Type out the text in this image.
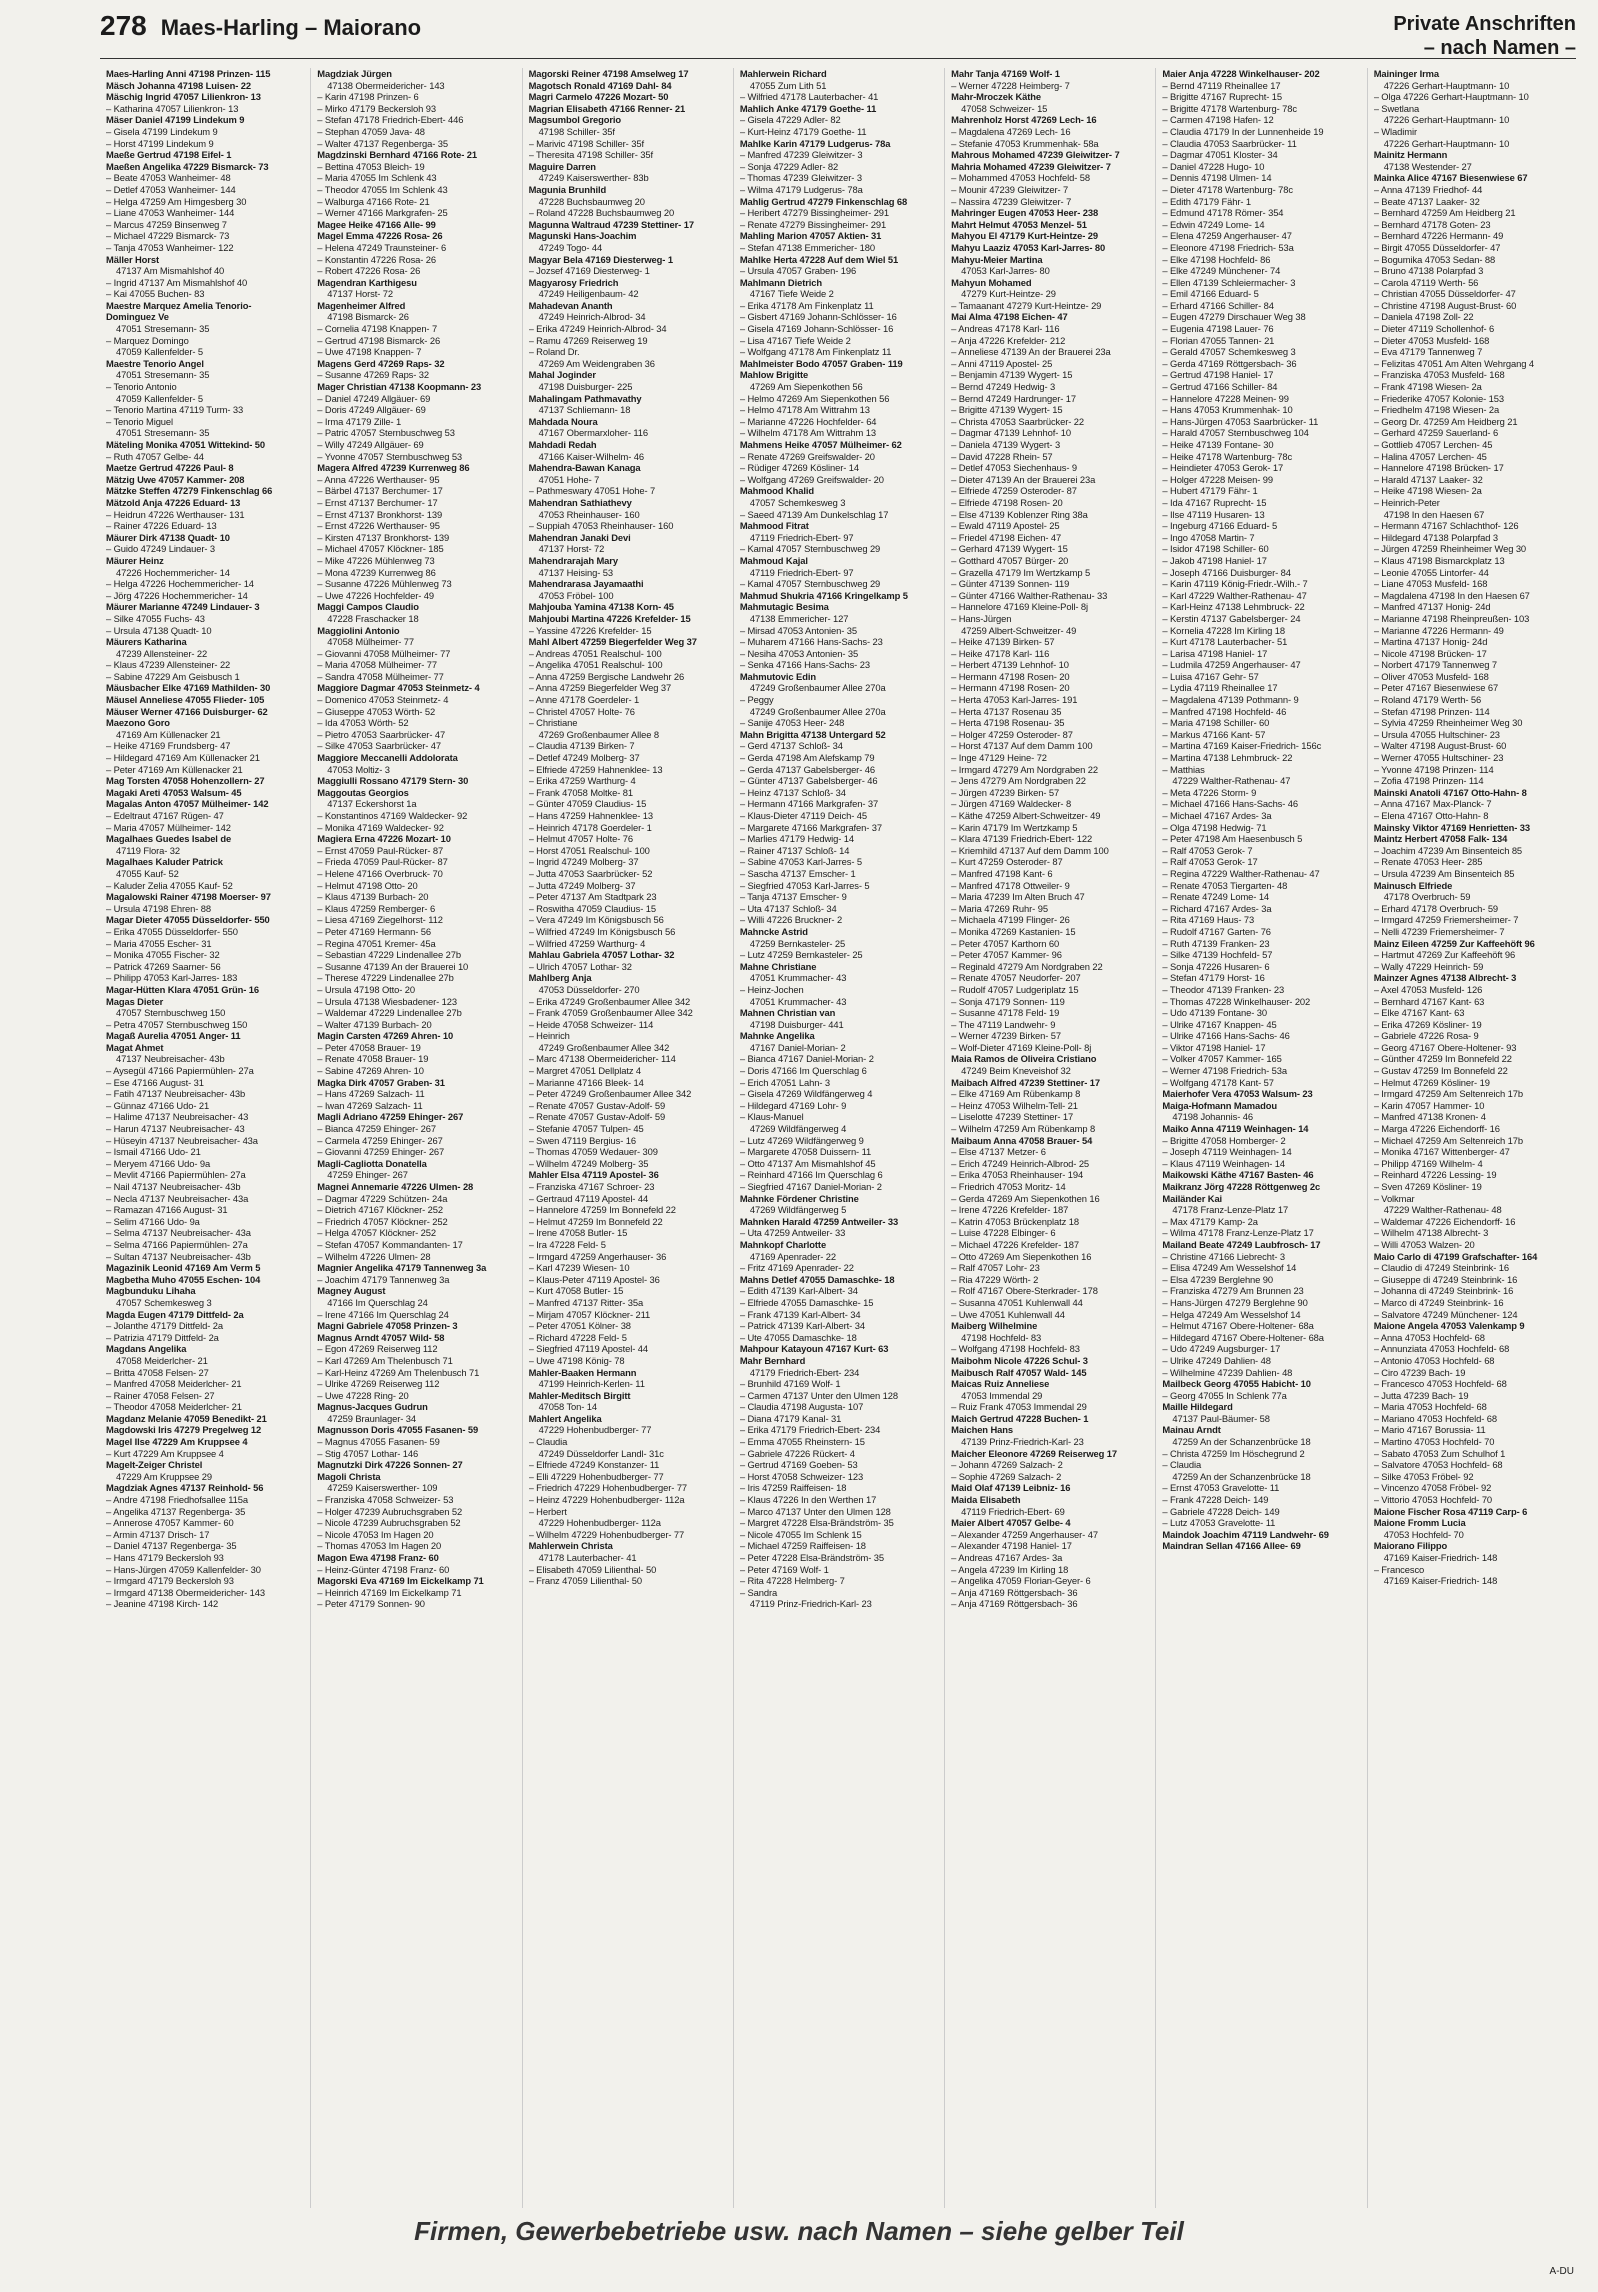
278 Maes-Harling – Maiorano	Private Anschriften
– nach Namen –
Maes-Harling Anni 47198 Prinzen- 115
Mäsch Johanna 47198 Luisen- 22
Mäschig Ingrid 47057 Lilienkron- 13
– Katharina 47057 Lilienkron- 13
Mäser Daniel 47199 Lindekum 9
– Gisela 47199 Lindekum 9
– Horst 47199 Lindekum 9
Maeße Gertrud 47198 Eifel- 1
Maeßen Angelika 47229 Bismarck- 73
– Beate 47053 Wanheimer- 48
– Detlef 47053 Wanheimer- 144
– Helga 47259 Am Himgesberg 30
– Liane 47053 Wanheimer- 144
– Marcus 47259 Binsenweg 7
– Michael 47229 Bismarck- 73
– Tanja 47053 Wanheimer- 122
Mäller Horst
47137 Am Mismahlshof 40
– Ingrid 47137 Am Mismahlshof 40
– Kai 47055 Buchen- 83
Maestre Marquez Amelia Tenorio-
Dominguez Ve
47051 Stresemann- 35
– Marquez Domingo
47059 Kallenfelder- 5
Maestre Tenorio Angel
47051 Stresemann- 35
– Tenorio Antonio
47059 Kallenfelder- 5
– Tenorio Martina 47119 Turm- 33
– Tenorio Miguel
47051 Stresemann- 35
Mäteling Monika 47051 Wittekind- 50
– Ruth 47057 Gelbe- 44
Maetze Gertrud 47226 Paul- 8
Mätzig Uwe 47057 Kammer- 208
Mätzke Steffen 47279 Finkenschlag 66
Mätzold Anja 47226 Eduard- 13
– Heidrun 47226 Werthauser- 131
– Rainer 47226 Eduard- 13
Mäurer Dirk 47138 Quadt- 10
– Guido 47249 Lindauer- 3
Mäurer Heinz
47226 Hochemmericher- 14
– Helga 47226 Hochemmericher- 14
– Jörg 47226 Hochemmericher- 14
Mäurer Marianne 47249 Lindauer- 3
– Silke 47055 Fuchs- 43
– Ursula 47138 Quadt- 10
Mäurers Katharina
47239 Allensteiner- 22
– Klaus 47239 Allensteiner- 22
– Sabine 47229 Am Geisbusch 1
Mäusbacher Elke 47169 Mathilden- 30
Mäusel Anneliese 47055 Flieder- 105
Mäuser Werner 47166 Duisburger- 62
Maezono Goro
47169 Am Küllenacker 21
– Heike 47169 Frundsberg- 47
– Hildegard 47169 Am Küllenacker 21
– Peter 47169 Am Küllenacker 21
Mag Torsten 47058 Hohenzollern- 27
Magaki Areti 47053 Walsum- 45
Magalas Anton 47057 Mülheimer- 142
– Edeltraut 47167 Rügen- 47
– Maria 47057 Mülheimer- 142
Magalhaes Guedes Isabel de
47119 Flora- 32
Magalhaes Kaluder Patrick
47055 Kauf- 52
– Kaluder Zelia 47055 Kauf- 52
Magalowski Rainer 47198 Moerser- 97
– Ursula 47198 Ehren- 88
Magar Dieter 47055 Düsseldorfer- 550
– Erika 47055 Düsseldorfer- 550
– Maria 47055 Escher- 31
– Monika 47055 Fischer- 32
– Patrick 47269 Saarner- 56
– Philipp 47053 Karl-Jarres- 183
Magar-Hütten Klara 47051 Grün- 16
Magas Dieter
47057 Sternbuschweg 150
– Petra 47057 Sternbuschweg 150
Magaß Aurelia 47051 Anger- 11
Magat Ahmet
47137 Neubreisacher- 43b
– Aysegül 47166 Papiermühlen- 27a
– Ese 47166 August- 31
– Fatih 47137 Neubreisacher- 43b
– Günnaz 47166 Udo- 21
– Halime 47137 Neubreisacher- 43
– Harun 47137 Neubreisacher- 43
– Hüseyin 47137 Neubreisacher- 43a
– Ismail 47166 Udo- 21
– Meryem 47166 Udo- 9a
– Mevlit 47166 Papiermühlen- 27a
– Nail 47137 Neubreisacher- 43b
– Necla 47137 Neubreisacher- 43a
– Ramazan 47166 August- 31
– Selim 47166 Udo- 9a
– Selma 47137 Neubreisacher- 43a
– Selma 47166 Papiermühlen- 27a
– Sultan 47137 Neubreisacher- 43b
Magazinik Leonid 47169 Am Verm 5
Magbetha Muho 47055 Eschen- 104
Magbunduku Lihaha
47057 Schemkesweg 3
Magda Eugen 47179 Dittfeld- 2a
– Jolanthe 47179 Dittfeld- 2a
– Patrizia 47179 Dittfeld- 2a
Magdans Angelika
47058 Meiderlcher- 21
– Britta 47058 Felsen- 27
– Manfred 47058 Meiderlcher- 21
– Rainer 47058 Felsen- 27
– Theodor 47058 Meiderlcher- 21
Magdanz Melanie 47059 Benedikt- 21
Magdowski Iris 47279 Pregelweg 12
Magel Ilse 47229 Am Kruppsee 4
– Kurt 47229 Am Kruppsee 4
Magelt-Zeiger Christel
47229 Am Kruppsee 29
Magdziak Agnes 47137 Reinhold- 56
– Andre 47198 Friedhofsallee 115a
– Angelika 47137 Regenberga- 35
– Annerose 47057 Kammer- 60
– Armin 47137 Drisch- 17
– Daniel 47137 Regenberga- 35
– Hans 47179 Beckersloh 93
– Hans-Jürgen 47059 Kallenfelder- 30
– Irmgard 47179 Beckersloh 93
– Irmgard 47138 Obermeidericher- 143
– Jeanine 47198 Kirch- 142
Magdziak Jürgen
47138 Obermeidericher- 143
– Karin 47198 Prinzen- 6
– Mirko 47179 Beckersloh 93
– Stefan 47178 Friedrich-Ebert- 446
– Stephan 47059 Java- 48
– Walter 47137 Regenberga- 35
Magdzinski Bernhard 47166 Rote- 21
– Bettina 47053 Bleich- 19
– Maria 47055 Im Schlenk 43
– Theodor 47055 Im Schlenk 43
– Walburga 47166 Rote- 21
– Werner 47166 Markgrafen- 25
Magee Heike 47166 Alle- 99
Magel Emma 47226 Rosa- 26
– Helena 47249 Traunsteiner- 6
– Konstantin 47226 Rosa- 26
– Robert 47226 Rosa- 26
Magendran Karthigesu
47137 Horst- 72
Magenheimer Alfred
47198 Bismarck- 26
– Cornelia 47198 Knappen- 7
– Gertrud 47198 Bismarck- 26
– Uwe 47198 Knappen- 7
Magens Gerd 47269 Raps- 32
– Susanne 47269 Raps- 32
Mager Christian 47138 Koopmann- 23
– Daniel 47249 Allgäuer- 69
– Doris 47249 Allgäuer- 69
– Irma 47179 Zille- 1
– Patric 47057 Sternbuschweg 53
– Willy 47249 Allgäuer- 69
– Yvonne 47057 Sternbuschweg 53
Magera Alfred 47239 Kurrenweg 86
– Anna 47226 Werthauser- 95
– Bärbel 47137 Berchumer- 17
– Ernst 47137 Berchumer- 17
– Ernst 47137 Bronkhorst- 139
– Ernst 47226 Werthauser- 95
– Kirsten 47137 Bronkhorst- 139
– Michael 47057 Klöckner- 185
– Mike 47226 Mühlenweg 73
– Mona 47239 Kurrenweg 86
– Susanne 47226 Mühlenweg 73
– Uwe 47226 Hochfelder- 49
Maggi Campos Claudio
47228 Fraschacker 18
Maggiolini Antonio
47058 Mülheimer- 77
– Giovanni 47058 Mülheimer- 77
– Maria 47058 Mülheimer- 77
– Sandra 47058 Mülheimer- 77
Maggiore Dagmar 47053 Steinmetz- 4
– Domenico 47053 Steinmetz- 4
– Giuseppe 47053 Wörth- 52
– Ida 47053 Wörth- 52
– Pietro 47053 Saarbrücker- 47
– Silke 47053 Saarbrücker- 47
Maggiore Meccanelli Addolorata
47053 Moltiz- 3
Maggiulli Rossano 47179 Stern- 30
Maggoutas Georgios
47137 Eckershorst 1a
– Konstantinos 47169 Waldecker- 92
– Monika 47169 Waldecker- 92
Magiera Erna 47226 Mozart- 10
– Ernst 47059 Paul-Rücker- 87
– Frieda 47059 Paul-Rücker- 87
– Helene 47166 Overbruck- 70
– Helmut 47198 Otto- 20
– Klaus 47139 Burbach- 20
– Klaus 47259 Remberger- 6
– Liesa 47169 Ziegelhorst- 112
– Peter 47169 Hermann- 56
– Regina 47051 Kremer- 45a
– Sebastian 47229 Lindenallee 27b
– Susanne 47139 An der Brauerei 10
– Therese 47229 Lindenallee 27b
– Ursula 47198 Otto- 20
– Ursula 47138 Wiesbadener- 123
– Waldemar 47229 Lindenallee 27b
– Walter 47139 Burbach- 20
Magin Carsten 47269 Ahren- 10
– Peter 47058 Brauer- 19
– Renate 47058 Brauer- 19
– Sabine 47269 Ahren- 10
Magka Dirk 47057 Graben- 31
– Hans 47269 Salzach- 11
– Iwan 47269 Salzach- 11
Magli Adriano 47259 Ehinger- 267
– Bianca 47259 Ehinger- 267
– Carmela 47259 Ehinger- 267
– Giovanni 47259 Ehinger- 267
Magli-Cagliotta Donatella
47259 Ehinger- 267
Magnei Annemarie 47226 Ulmen- 28
– Dagmar 47229 Schützen- 24a
– Dietrich 47167 Klöckner- 252
– Friedrich 47057 Klöckner- 252
– Helga 47057 Klöckner- 252
– Stefan 47057 Kommandanten- 17
– Wilhelm 47226 Ulmen- 28
Magnier Angelika 47179 Tannenweg 3a
– Joachim 47179 Tannenweg 3a
Magney August
47166 Im Querschlag 24
– Irene 47166 Im Querschlag 24
Magni Gabriele 47058 Prinzen- 3
Magnus Arndt 47057 Wild- 58
– Egon 47269 Reiserweg 112
– Karl 47269 Am Thelenbusch 71
– Karl-Heinz 47269 Am Thelenbusch 71
– Ulrike 47269 Reiserweg 112
– Uwe 47228 Ring- 20
Magnus-Jacques Gudrun
47259 Braunlager- 34
Magnusson Doris 47055 Fasanen- 59
– Magnus 47055 Fasanen- 59
– Stig 47057 Lothar- 146
Magnutzki Dirk 47226 Sonnen- 27
Magoli Christa
47259 Kaiserswerther- 109
– Franziska 47058 Schweizer- 53
– Holger 47239 Aubruchsgraben 52
– Nicole 47239 Aubruchsgraben 52
– Nicole 47053 Im Hagen 20
– Thomas 47053 Im Hagen 20
Magon Ewa 47198 Franz- 60
– Heinz-Günter 47198 Franz- 60
Magorski Eva 47169 Im Eickelkamp 71
– Heinrich 47169 Im Eickelkamp 71
– Peter 47179 Sonnen- 90
Magorski Reiner 47198 Amselweg 17
Magotsch Ronald 47169 Dahl- 84
Magri Carmelo 47226 Mozart- 50
Magrian Elisabeth 47166 Renner- 21
Magsumbol Gregorio
47198 Schiller- 35f
– Marivic 47198 Schiller- 35f
– Theresita 47198 Schiller- 35f
Maguire Darren
47249 Kaiserswerther- 83b
Magunia Brunhild
47228 Buchsbaumweg 20
– Roland 47228 Buchsbaumweg 20
Magunna Waltraud 47239 Stettiner- 17
Magunski Hans-Joachim
47249 Togo- 44
Magyar Bela 47169 Diesterweg- 1
– Jozsef 47169 Diesterweg- 1
Magyarosy Friedrich
47249 Heiligenbaum- 42
Mahadevan Ananth
47249 Heinrich-Albrod- 34
– Erika 47249 Heinrich-Albrod- 34
– Ramu 47269 Reiserweg 19
– Roland Dr.
47269 Am Weidengraben 36
Mahal Joginder
47198 Duisburger- 225
Mahalingam Pathmavathy
47137 Schliemann- 18
Mahdada Noura
47167 Obermarxloher- 116
Mahdadi Redah
47166 Kaiser-Wilhelm- 46
Mahendra-Bawan Kanaga
47051 Hohe- 7
– Pathmeswary 47051 Hohe- 7
Mahendran Sathiathevy
47053 Rheinhauser- 160
– Suppiah 47053 Rheinhauser- 160
Mahendran Janaki Devi
47137 Horst- 72
Mahendrarajah Mary
47137 Heising- 53
Mahendrarasa Jayamaathi
47053 Fröbel- 100
Mahjouba Yamina 47138 Korn- 45
Mahjoubi Martina 47226 Krefelder- 15
– Yassine 47226 Krefelder- 15
Mahl Albert 47259 Biegerfelder Weg 37
– Andreas 47051 Realschul- 100
– Angelika 47051 Realschul- 100
– Anna 47259 Bergische Landwehr 26
– Anna 47259 Biegerfelder Weg 37
– Anne 47178 Goerdeler- 1
– Christel 47057 Holte- 76
– Christiane
47269 Großenbaumer Allee 8
– Claudia 47139 Birken- 7
– Detlef 47249 Molberg- 37
– Elfriede 47259 Hahnenklee- 13
– Erika 47259 Warthurg- 4
– Frank 47058 Moltke- 81
– Günter 47059 Claudius- 15
– Hans 47259 Hahnenklee- 13
– Heinrich 47178 Goerdeler- 1
– Helmut 47057 Holte- 76
– Horst 47051 Realschul- 100
– Ingrid 47249 Molberg- 37
– Jutta 47053 Saarbrücker- 52
– Jutta 47249 Molberg- 37
– Peter 47137 Am Stadtpark 23
– Roswitha 47059 Claudius- 15
– Vera 47249 Im Königsbusch 56
– Wilfried 47249 Im Königsbusch 56
– Wilfried 47259 Warthurg- 4
Mahlau Gabriela 47057 Lothar- 32
– Ulrich 47057 Lothar- 32
Mahlberg Anja
47053 Düsseldorfer- 270
– Erika 47249 Großenbaumer Allee 342
– Frank 47059 Großenbaumer Allee 342
– Heide 47058 Schweizer- 114
– Heinrich
47249 Großenbaumer Allee 342
– Marc 47138 Obermeidericher- 114
– Margret 47051 Dellplatz 4
– Marianne 47166 Bleek- 14
– Peter 47249 Großenbaumer Allee 342
– Renate 47057 Gustav-Adolf- 59
– Renate 47057 Gustav-Adolf- 59
– Stefanie 47057 Tulpen- 45
– Swen 47119 Bergius- 16
– Thomas 47059 Wedauer- 309
– Wilhelm 47249 Molberg- 35
Mahler Elsa 47119 Apostel- 36
– Franziska 47167 Schroer- 23
– Gertraud 47119 Apostel- 44
– Hannelore 47259 Im Bonnefeld 22
– Helmut 47259 Im Bonnefeld 22
– Irene 47058 Butler- 15
– Ira 47228 Feld- 5
– Irmgard 47259 Angerhauser- 36
– Karl 47239 Wiesen- 10
– Klaus-Peter 47119 Apostel- 36
– Kurt 47058 Butler- 15
– Manfred 47137 Ritter- 35a
– Mirjam 47057 Klöckner- 211
– Peter 47051 Kölner- 38
– Richard 47228 Feld- 5
– Siegfried 47119 Apostel- 44
– Uwe 47198 König- 78
Mahler-Baaken Hermann
47199 Heinrich-Kerlen- 11
Mahler-Meditsch Birgitt
47058 Ton- 14
Mahlert Angelika
47229 Hohenbudberger- 77
– Claudia
47249 Düsseldorfer Landl- 31c
– Elfriede 47249 Konstanzer- 11
– Elli 47229 Hohenbudberger- 77
– Friedrich 47229 Hohenbudberger- 77
– Heinz 47229 Hohenbudberger- 112a
– Herbert
47229 Hohenbudberger- 112a
– Wilhelm 47229 Hohenbudberger- 77
Mahlerwein Christa
47178 Lauterbacher- 41
– Elisabeth 47059 Lilienthal- 50
– Franz 47059 Lilienthal- 50
Mahlerwein Richard
47055 Zum Lith 51
– Wilfried 47178 Lauterbacher- 41
Mahlich Anke 47179 Goethe- 11
– Gisela 47229 Adler- 82
– Kurt-Heinz 47179 Goethe- 11
Mahlke Karin 47179 Ludgerus- 78a
– Manfred 47239 Gleiwitzer- 3
– Sonja 47229 Adler- 82
– Thomas 47239 Gleiwitzer- 3
– Wilma 47179 Ludgerus- 78a
Mahlig Gertrud 47279 Finkenschlag 68
– Heribert 47279 Bissingheimer- 291
– Renate 47279 Bissingheimer- 291
Mahling Marion 47057 Aktien- 31
– Stefan 47138 Emmericher- 180
Mahlke Herta 47228 Auf dem Wiel 51
– Ursula 47057 Graben- 196
Mahlmann Dietrich
47167 Tiefe Weide 2
– Erika 47178 Am Finkenplatz 11
– Gisbert 47169 Johann-Schlösser- 16
– Gisela 47169 Johann-Schlösser- 16
– Lisa 47167 Tiefe Weide 2
– Wolfgang 47178 Am Finkenplatz 11
Mahlmeister Bodo 47057 Graben- 119
Mahlow Brigitte
47269 Am Siepenkothen 56
– Helmo 47269 Am Siepenkothen 56
– Helmo 47178 Am Wittrahm 13
– Marianne 47226 Hochfelder- 64
– Wilhelm 47178 Am Wittrahm 13
Mahmens Heike 47057 Mülheimer- 62
– Renate 47269 Greifswalder- 20
– Rüdiger 47269 Kösliner- 14
– Wolfgang 47269 Greifswalder- 20
Mahmood Khalid
47057 Schemkesweg 3
– Saeed 47139 Am Dunkelschlag 17
Mahmood Fitrat
47119 Friedrich-Ebert- 97
– Kamal 47057 Sternbuschweg 29
Mahmoud Kajal
47119 Friedrich-Ebert- 97
– Kamal 47057 Sternbuschweg 29
Mahmud Shukria 47166 Kringelkamp 5
Mahmutagic Besima
47138 Emmericher- 127
– Mirsad 47053 Antonien- 35
– Muharem 47166 Hans-Sachs- 23
– Nesiha 47053 Antonien- 35
– Senka 47166 Hans-Sachs- 23
Mahmutovic Edin
47249 Großenbaumer Allee 270a
– Peggy
47249 Großenbaumer Allee 270a
– Sanije 47053 Heer- 248
Mahn Brigitta 47138 Untergard 52
– Gerd 47137 Schloß- 34
– Gerda 47198 Am Alefskamp 79
– Gerda 47137 Gabelsberger- 46
– Günter 47137 Gabelsberger- 46
– Heinz 47137 Schloß- 34
– Hermann 47166 Markgrafen- 37
– Klaus-Dieter 47119 Deich- 45
– Margarete 47166 Markgrafen- 37
– Marlies 47179 Hedwig- 14
– Rainer 47137 Schloß- 14
– Sabine 47053 Karl-Jarres- 5
– Sascha 47137 Emscher- 1
– Siegfried 47053 Karl-Jarres- 5
– Tanja 47137 Emscher- 9
– Uta 47137 Schloß- 34
– Willi 47226 Bruckner- 2
Mahncke Astrid
47259 Bernkasteler- 25
– Lutz 47259 Bernkasteler- 25
Mahne Christiane
47051 Krummacher- 43
– Heinz-Jochen
47051 Krummacher- 43
Mahnen Christian van
47198 Duisburger- 441
Mahnke Angelika
47167 Daniel-Morian- 2
– Bianca 47167 Daniel-Morian- 2
– Doris 47166 Im Querschlag 6
– Erich 47051 Lahn- 3
– Gisela 47269 Wildfängerweg 4
– Hildegard 47169 Lohr- 9
– Klaus-Manuel
47269 Wildfängerweg 4
– Lutz 47269 Wildfängerweg 9
– Margarete 47058 Duissern- 11
– Otto 47137 Am Mismahlshof 45
– Reinhard 47166 Im Querschlag 6
– Siegfried 47167 Daniel-Morian- 2
Mahnke Fördener Christine
47269 Wildfängerweg 5
Mahnken Harald 47259 Antweiler- 33
– Uta 47259 Antweiler- 33
Mahnkopf Charlotte
47169 Apenrader- 22
– Fritz 47169 Apenrader- 22
Mahns Detlef 47055 Damaschke- 18
– Edith 47139 Karl-Albert- 34
– Elfriede 47055 Damaschke- 15
– Frank 47139 Karl-Albert- 34
– Patrick 47139 Karl-Albert- 34
– Ute 47055 Damaschke- 18
Mahpour Katayoun 47167 Kurt- 63
Mahr Bernhard
47179 Friedrich-Ebert- 234
– Brunhild 47169 Wolf- 1
– Carmen 47137 Unter den Ulmen 128
– Claudia 47198 Augusta- 107
– Diana 47179 Kanal- 31
– Erika 47179 Friedrich-Ebert- 234
– Emma 47055 Rheinstern- 15
– Gabriele 47226 Rückert- 4
– Gertrud 47169 Goeben- 53
– Horst 47058 Schweizer- 123
– Iris 47259 Raiffeisen- 18
– Klaus 47226 In den Werthen 17
– Marco 47137 Unter den Ulmen 128
– Margret 47228 Elsa-Brändström- 35
– Nicole 47055 Im Schlenk 15
– Michael 47259 Raiffeisen- 18
– Peter 47228 Elsa-Brändström- 35
– Peter 47169 Wolf- 1
– Rita 47228 Helmberg- 7
– Sandra
47119 Prinz-Friedrich-Karl- 23
Mahr Tanja 47169 Wolf- 1
– Werner 47228 Heimberg- 7
Mahr-Mroczek Käthe
47058 Schweizer- 15
Mahrenholz Horst 47269 Lech- 16
– Magdalena 47269 Lech- 16
– Stefanie 47053 Krummenhak- 58a
Mahrous Mohamed 47239 Gleiwitzer- 7
Mahria Mohamed 47239 Gleiwitzer- 7
– Mohammed 47053 Hochfeld- 58
– Mounir 47239 Gleiwitzer- 7
– Nassira 47239 Gleiwitzer- 7
Mahringer Eugen 47053 Heer- 238
Mahrt Helmut 47053 Menzel- 51
Mahyou El 47179 Kurt-Heintze- 29
Mahyu Laaziz 47053 Karl-Jarres- 80
Mahyu-Meier Martina
47053 Karl-Jarres- 80
Mahyun Mohamed
47279 Kurt-Heintze- 29
– Tamaanant 47279 Kurt-Heintze- 29
Mai Alma 47198 Eichen- 47
– Andreas 47178 Karl- 116
– Anja 47226 Krefelder- 212
– Anneliese 47139 An der Brauerei 23a
– Anni 47119 Apostel- 25
– Benjamin 47139 Wygert- 15
– Bernd 47249 Hedwig- 3
– Bernd 47249 Hardrunger- 17
– Brigitte 47139 Wygert- 15
– Christa 47053 Saarbrücker- 22
– Dagmar 47139 Lehnhof- 10
– Daniela 47139 Wygert- 3
– David 47228 Rhein- 57
– Detlef 47053 Siechenhaus- 9
– Dieter 47139 An der Brauerei 23a
– Elfriede 47259 Osteroder- 87
– Elfriede 47198 Rosen- 20
– Else 47139 Koblenzer Ring 38a
– Ewald 47119 Apostel- 25
– Friedel 47198 Eichen- 47
– Gerhard 47139 Wygert- 15
– Gotthard 47057 Bürger- 20
– Grazella 47179 Im Wertzkamp 5
– Günter 47139 Sonnen- 119
– Günter 47166 Walther-Rathenau- 33
– Hannelore 47169 Kleine-Poll- 8j
– Hans-Jürgen
47259 Albert-Schweitzer- 49
– Heike 47139 Birken- 57
– Heike 47178 Karl- 116
– Herbert 47139 Lehnhof- 10
– Hermann 47198 Rosen- 20
– Hermann 47198 Rosen- 20
– Herta 47053 Karl-Jarres- 191
– Herta 47137 Rosenau 35
– Herta 47198 Rosenau- 35
– Holger 47259 Osteroder- 87
– Horst 47137 Auf dem Damm 100
– Inge 47129 Heine- 72
– Irmgard 47279 Am Nordgraben 22
– Jens 47279 Am Nordgraben 22
– Jürgen 47239 Birken- 57
– Jürgen 47169 Waldecker- 8
– Käthe 47259 Albert-Schweitzer- 49
– Karin 47179 Im Wertzkamp 5
– Klara 47139 Friedrich-Ebert- 122
– Kriemhild 47137 Auf dem Damm 100
– Kurt 47259 Osteroder- 87
– Manfred 47198 Kant- 6
– Manfred 47178 Ottweiler- 9
– Maria 47239 Im Alten Bruch 47
– Maria 47269 Ruhr- 95
– Michaela 47199 Flinger- 26
– Monika 47269 Kastanien- 15
– Peter 47057 Karthorn 60
– Peter 47057 Kammer- 96
– Reginald 47279 Am Nordgraben 22
– Renate 47057 Neudorfer- 207
– Rudolf 47057 Ludgeriplatz 15
– Sonja 47179 Sonnen- 119
– Susanne 47178 Feld- 19
– The 47119 Landwehr- 9
– Werner 47239 Birken- 57
– Wolf-Dieter 47169 Kleine-Poll- 8j
Maia Ramos de Oliveira Cristiano
47249 Beim Kneveishof 32
Maibach Alfred 47239 Stettiner- 17
– Elke 47169 Am Rübenkamp 8
– Heinz 47053 Wilhelm-Tell- 21
– Liselotte 47239 Stettiner- 17
– Wilhelm 47259 Am Rübenkamp 8
Maibaum Anna 47058 Brauer- 54
– Else 47137 Metzer- 6
– Erich 47249 Heinrich-Albrod- 25
– Erika 47053 Rheinhauser- 194
– Friedrich 47053 Moritz- 14
– Gerda 47269 Am Siepenkothen 16
– Irene 47226 Krefelder- 187
– Katrin 47053 Brückenplatz 18
– Luise 47228 Elbinger- 6
– Michael 47226 Krefelder- 187
– Otto 47269 Am Siepenkothen 16
– Ralf 47057 Lohr- 23
– Ria 47229 Wörth- 2
– Rolf 47167 Obere-Sterkrader- 178
– Susanna 47051 Kuhlenwall 44
– Uwe 47051 Kuhlenwall 44
Maiberg Wilhelmine
47198 Hochfeld- 83
– Wolfgang 47198 Hochfeld- 83
Maibohm Nicole 47226 Schul- 3
Maibusch Ralf 47057 Wald- 145
Maicas Ruiz Anneliese
47053 Immendal 29
– Ruiz Frank 47053 Immendal 29
Maich Gertrud 47228 Buchen- 1
Maichen Hans
47139 Prinz-Friedrich-Karl- 23
Maicher Eleonore 47269 Reiserweg 17
– Johann 47269 Salzach- 2
– Sophie 47269 Salzach- 2
Maid Olaf 47139 Leibniz- 16
Maida Elisabeth
47119 Friedrich-Ebert- 69
Maier Albert 47057 Gelbe- 4
– Alexander 47259 Angerhauser- 47
– Alexander 47198 Haniel- 17
– Andreas 47167 Ardes- 3a
– Angela 47239 Im Kirling 18
– Angelika 47059 Florian-Geyer- 6
– Anja 47169 Röttgersbach- 36
– Anja 47169 Röttgersbach- 36
Maier Anja 47228 Winkelhauser- 202
– Bernd 47119 Rheinallee 17
– Brigitte 47167 Ruprecht- 15
– Brigitte 47178 Wartenburg- 78c
– Carmen 47198 Hafen- 12
– Claudia 47179 In der Lunnenheide 19
– Claudia 47053 Saarbrücker- 11
– Dagmar 47051 Kloster- 34
– Daniel 47228 Hugo- 10
– Dennis 47198 Ulmen- 14
– Dieter 47178 Wartenburg- 78c
– Edith 47179 Fähr- 1
– Edmund 47178 Römer- 354
– Edwin 47249 Lome- 14
– Elena 47259 Angerhauser- 47
– Eleonore 47198 Friedrich- 53a
– Elke 47198 Hochfeld- 86
– Elke 47249 Münchener- 74
– Ellen 47139 Schleiermacher- 3
– Emil 47166 Eduard- 5
– Erhard 47166 Schiller- 84
– Eugen 47279 Dirschauer Weg 38
– Eugenia 47198 Lauer- 76
– Florian 47055 Tannen- 21
– Gerald 47057 Schemkesweg 3
– Gerda 47169 Röttgersbach- 36
– Gertrud 47198 Haniel- 17
– Gertrud 47166 Schiller- 84
– Hannelore 47228 Meinen- 99
– Hans 47053 Krummenhak- 10
– Hans-Jürgen 47053 Saarbrücker- 11
– Harald 47057 Sternbuschweg 104
– Heike 47139 Fontane- 30
– Heike 47178 Wartenburg- 78c
– Heindieter 47053 Gerok- 17
– Holger 47228 Meisen- 99
– Hubert 47179 Fähr- 1
– Ida 47167 Ruprecht- 15
– Ilse 47119 Husaren- 13
– Ingeburg 47166 Eduard- 5
– Ingo 47058 Martin- 7
– Isidor 47198 Schiller- 60
– Jakob 47198 Haniel- 17
– Joseph 47166 Duisburger- 84
– Karin 47119 König-Friedr.-Wilh.- 7
– Karl 47229 Walther-Rathenau- 47
– Karl-Heinz 47138 Lehmbruck- 22
– Kerstin 47137 Gabelsberger- 24
– Kornelia 47228 Im Kirling 18
– Kurt 47178 Lauterbacher- 51
– Larisa 47198 Haniel- 17
– Ludmila 47259 Angerhauser- 47
– Luisa 47167 Gehr- 57
– Lydia 47119 Rheinallee 17
– Magdalena 47139 Pothmann- 9
– Manfred 47198 Hochfeld- 46
– Maria 47198 Schiller- 60
– Markus 47166 Kant- 57
– Martina 47169 Kaiser-Friedrich- 156c
– Martina 47138 Lehmbruck- 22
– Matthias
47229 Walther-Rathenau- 47
– Meta 47226 Storm- 9
– Michael 47166 Hans-Sachs- 46
– Michael 47167 Ardes- 3a
– Olga 47198 Hedwig- 71
– Peter 47198 Am Haesenbusch 5
– Ralf 47053 Gerok- 7
– Ralf 47053 Gerok- 17
– Regina 47229 Walther-Rathenau- 47
– Renate 47053 Tiergarten- 48
– Renate 47249 Lome- 14
– Richard 47167 Ardes- 3a
– Rita 47169 Haus- 73
– Rudolf 47167 Garten- 76
– Ruth 47139 Franken- 23
– Silke 47139 Hochfeld- 57
– Sonja 47226 Husaren- 6
– Stefan 47179 Horst- 16
– Theodor 47139 Franken- 23
– Thomas 47228 Winkelhauser- 202
– Udo 47139 Fontane- 30
– Ulrike 47167 Knappen- 45
– Ulrike 47166 Hans-Sachs- 46
– Viktor 47198 Haniel- 17
– Volker 47057 Kammer- 165
– Werner 47198 Friedrich- 53a
– Wolfgang 47178 Kant- 57
Maierhofer Vera 47053 Walsum- 23
Maiga-Hofmann Mamadou
47198 Johannis- 46
Maiko Anna 47119 Weinhagen- 14
– Brigitte 47058 Homberger- 2
– Joseph 47119 Weinhagen- 14
– Klaus 47119 Weinhagen- 14
Maikowski Käthe 47167 Basten- 46
Maikranz Jörg 47228 Röttgenweg 2c
Mailänder Kai
47178 Franz-Lenze-Platz 17
– Max 47179 Kamp- 2a
– Wilma 47178 Franz-Lenze-Platz 17
Mailand Beate 47249 Laubfrosch- 17
– Christine 47166 Liebrecht- 3
– Elisa 47249 Am Wesselshof 14
– Elsa 47239 Berglehne 90
– Franziska 47279 Am Brunnen 23
– Hans-Jürgen 47279 Berglehne 90
– Helga 47249 Am Wesselshof 14
– Helmut 47167 Obere-Holtener- 68a
– Hildegard 47167 Obere-Holtener- 68a
– Udo 47249 Augsburger- 17
– Ulrike 47249 Dahlien- 48
– Wilhelmine 47239 Dahlien- 48
Mailbeck Georg 47055 Habicht- 10
– Georg 47055 In Schlenk 77a
Maille Hildegard
47137 Paul-Bäumer- 58
Mainau Arndt
47259 An der Schanzenbrücke 18
– Christa 47259 Im Höschegrund 2
– Claudia
47259 An der Schanzenbrücke 18
– Ernst 47053 Gravelotte- 11
– Frank 47228 Deich- 149
– Gabriele 47228 Deich- 149
– Lutz 47053 Gravelotte- 11
Maindok Joachim 47119 Landwehr- 69
Maindran Sellan 47166 Allee- 69
Maininger Irma
47226 Gerhart-Hauptmann- 10
– Olga 47226 Gerhart-Hauptmann- 10
– Swetlana
47226 Gerhart-Hauptmann- 10
– Wladimir
47226 Gerhart-Hauptmann- 10
Mainitz Hermann
47138 Westender- 27
Mainka Alice 47167 Biesenwiese 67
– Anna 47139 Friedhof- 44
– Beate 47137 Laaker- 32
– Bernhard 47259 Am Heidberg 21
– Bernhard 47178 Goten- 23
– Bernhard 47226 Hermann- 49
– Birgit 47055 Düsseldorfer- 47
– Bogumika 47053 Sedan- 88
– Bruno 47138 Polarpfad 3
– Carola 47119 Werth- 56
– Christian 47055 Düsseldorfer- 47
– Christine 47198 August-Brust- 60
– Daniela 47198 Zoll- 22
– Dieter 47119 Schollenhof- 6
– Dieter 47053 Musfeld- 168
– Eva 47179 Tannenweg 7
– Felizitas 47051 Am Alten Wehrgang 4
– Franziska 47053 Musfeld- 168
– Frank 47198 Wiesen- 2a
– Friederike 47057 Kolonie- 153
– Friedhelm 47198 Wiesen- 2a
– Georg Dr. 47259 Am Heidberg 21
– Gerhard 47259 Sauerland- 6
– Gottlieb 47057 Lerchen- 45
– Halina 47057 Lerchen- 45
– Hannelore 47198 Brücken- 17
– Harald 47137 Laaker- 32
– Heike 47198 Wiesen- 2a
– Heinrich-Peter
47198 In den Haesen 67
– Hermann 47167 Schlachthof- 126
– Hildegard 47138 Polarpfad 3
– Jürgen 47259 Rheinheimer Weg 30
– Klaus 47198 Bismarckplatz 13
– Leonie 47055 Lintorfer- 44
– Liane 47053 Musfeld- 168
– Magdalena 47198 In den Haesen 67
– Manfred 47137 Honig- 24d
– Marianne 47198 Rheinpreußen- 103
– Marianne 47226 Hermann- 49
– Martina 47137 Honig- 24d
– Nicole 47198 Brücken- 17
– Norbert 47179 Tannenweg 7
– Oliver 47053 Musfeld- 168
– Peter 47167 Biesenwiese 67
– Roland 47179 Werth- 56
– Stefan 47198 Prinzen- 114
– Sylvia 47259 Rheinheimer Weg 30
– Ursula 47055 Hultschiner- 23
– Walter 47198 August-Brust- 60
– Werner 47055 Hultschiner- 23
– Yvonne 47198 Prinzen- 114
– Zofia 47198 Prinzen- 114
Mainski Anatoli 47167 Otto-Hahn- 8
– Anna 47167 Max-Planck- 7
– Elena 47167 Otto-Hahn- 8
Mainsky Viktor 47169 Henrietten- 33
Maintz Herbert 47058 Falk- 134
– Joachim 47239 Am Binsenteich 85
– Renate 47053 Heer- 285
– Ursula 47239 Am Binsenteich 85
Mainusch Elfriede
47178 Overbruch- 59
– Erhard 47178 Overbruch- 59
– Irmgard 47259 Friemersheimer- 7
– Nelli 47239 Friemersheimer- 7
Mainz Eileen 47259 Zur Kaffeehöft 96
– Hartmut 47269 Zur Kaffeehöft 96
– Wally 47229 Heinrich- 59
Mainzer Agnes 47138 Albrecht- 3
– Axel 47053 Musfeld- 126
– Bernhard 47167 Kant- 63
– Elke 47167 Kant- 63
– Erika 47269 Kösliner- 19
– Gabriele 47226 Rosa- 9
– Georg 47167 Obere-Holtener- 93
– Günther 47259 Im Bonnefeld 22
– Gustav 47259 Im Bonnefeld 22
– Helmut 47269 Kösliner- 19
– Irmgard 47259 Am Seltenreich 17b
– Karin 47057 Hammer- 10
– Manfred 47138 Kronen- 4
– Marga 47226 Eichendorff- 16
– Michael 47259 Am Seltenreich 17b
– Monika 47167 Wittenberger- 47
– Philipp 47169 Wilhelm- 4
– Reinhard 47226 Lessing- 19
– Sven 47269 Kösliner- 19
– Volkmar
47229 Walther-Rathenau- 48
– Waldemar 47226 Eichendorff- 16
– Wilhelm 47138 Albrecht- 3
– Willi 47053 Walzen- 20
Maio Carlo di 47199 Grafschafter- 164
– Claudio di 47249 Steinbrink- 16
– Giuseppe di 47249 Steinbrink- 16
– Johanna di 47249 Steinbrink- 16
– Marco di 47249 Steinbrink- 16
– Salvatore 47249 Münchener- 124
Maione Angela 47053 Valenkamp 9
– Anna 47053 Hochfeld- 68
– Annunziata 47053 Hochfeld- 68
– Antonio 47053 Hochfeld- 68
– Ciro 47239 Bach- 19
– Francesco 47053 Hochfeld- 68
– Jutta 47239 Bach- 19
– Maria 47053 Hochfeld- 68
– Mariano 47053 Hochfeld- 68
– Mario 47167 Borussia- 11
– Martino 47053 Hochfeld- 70
– Sabato 47053 Zum Schulhof 1
– Salvatore 47053 Hochfeld- 68
– Silke 47053 Fröbel- 92
– Vincenzo 47058 Fröbel- 92
– Vittorio 47053 Hochfeld- 70
Maione Fischer Rosa 47119 Carp- 6
Maione Fromm Lucia
47053 Hochfeld- 70
Maiorano Filippo
47169 Kaiser-Friedrich- 148
– Francesco
47169 Kaiser-Friedrich- 148
Firmen, Gewerbebetriebe usw. nach Namen – siehe gelber Teil
A-DU
